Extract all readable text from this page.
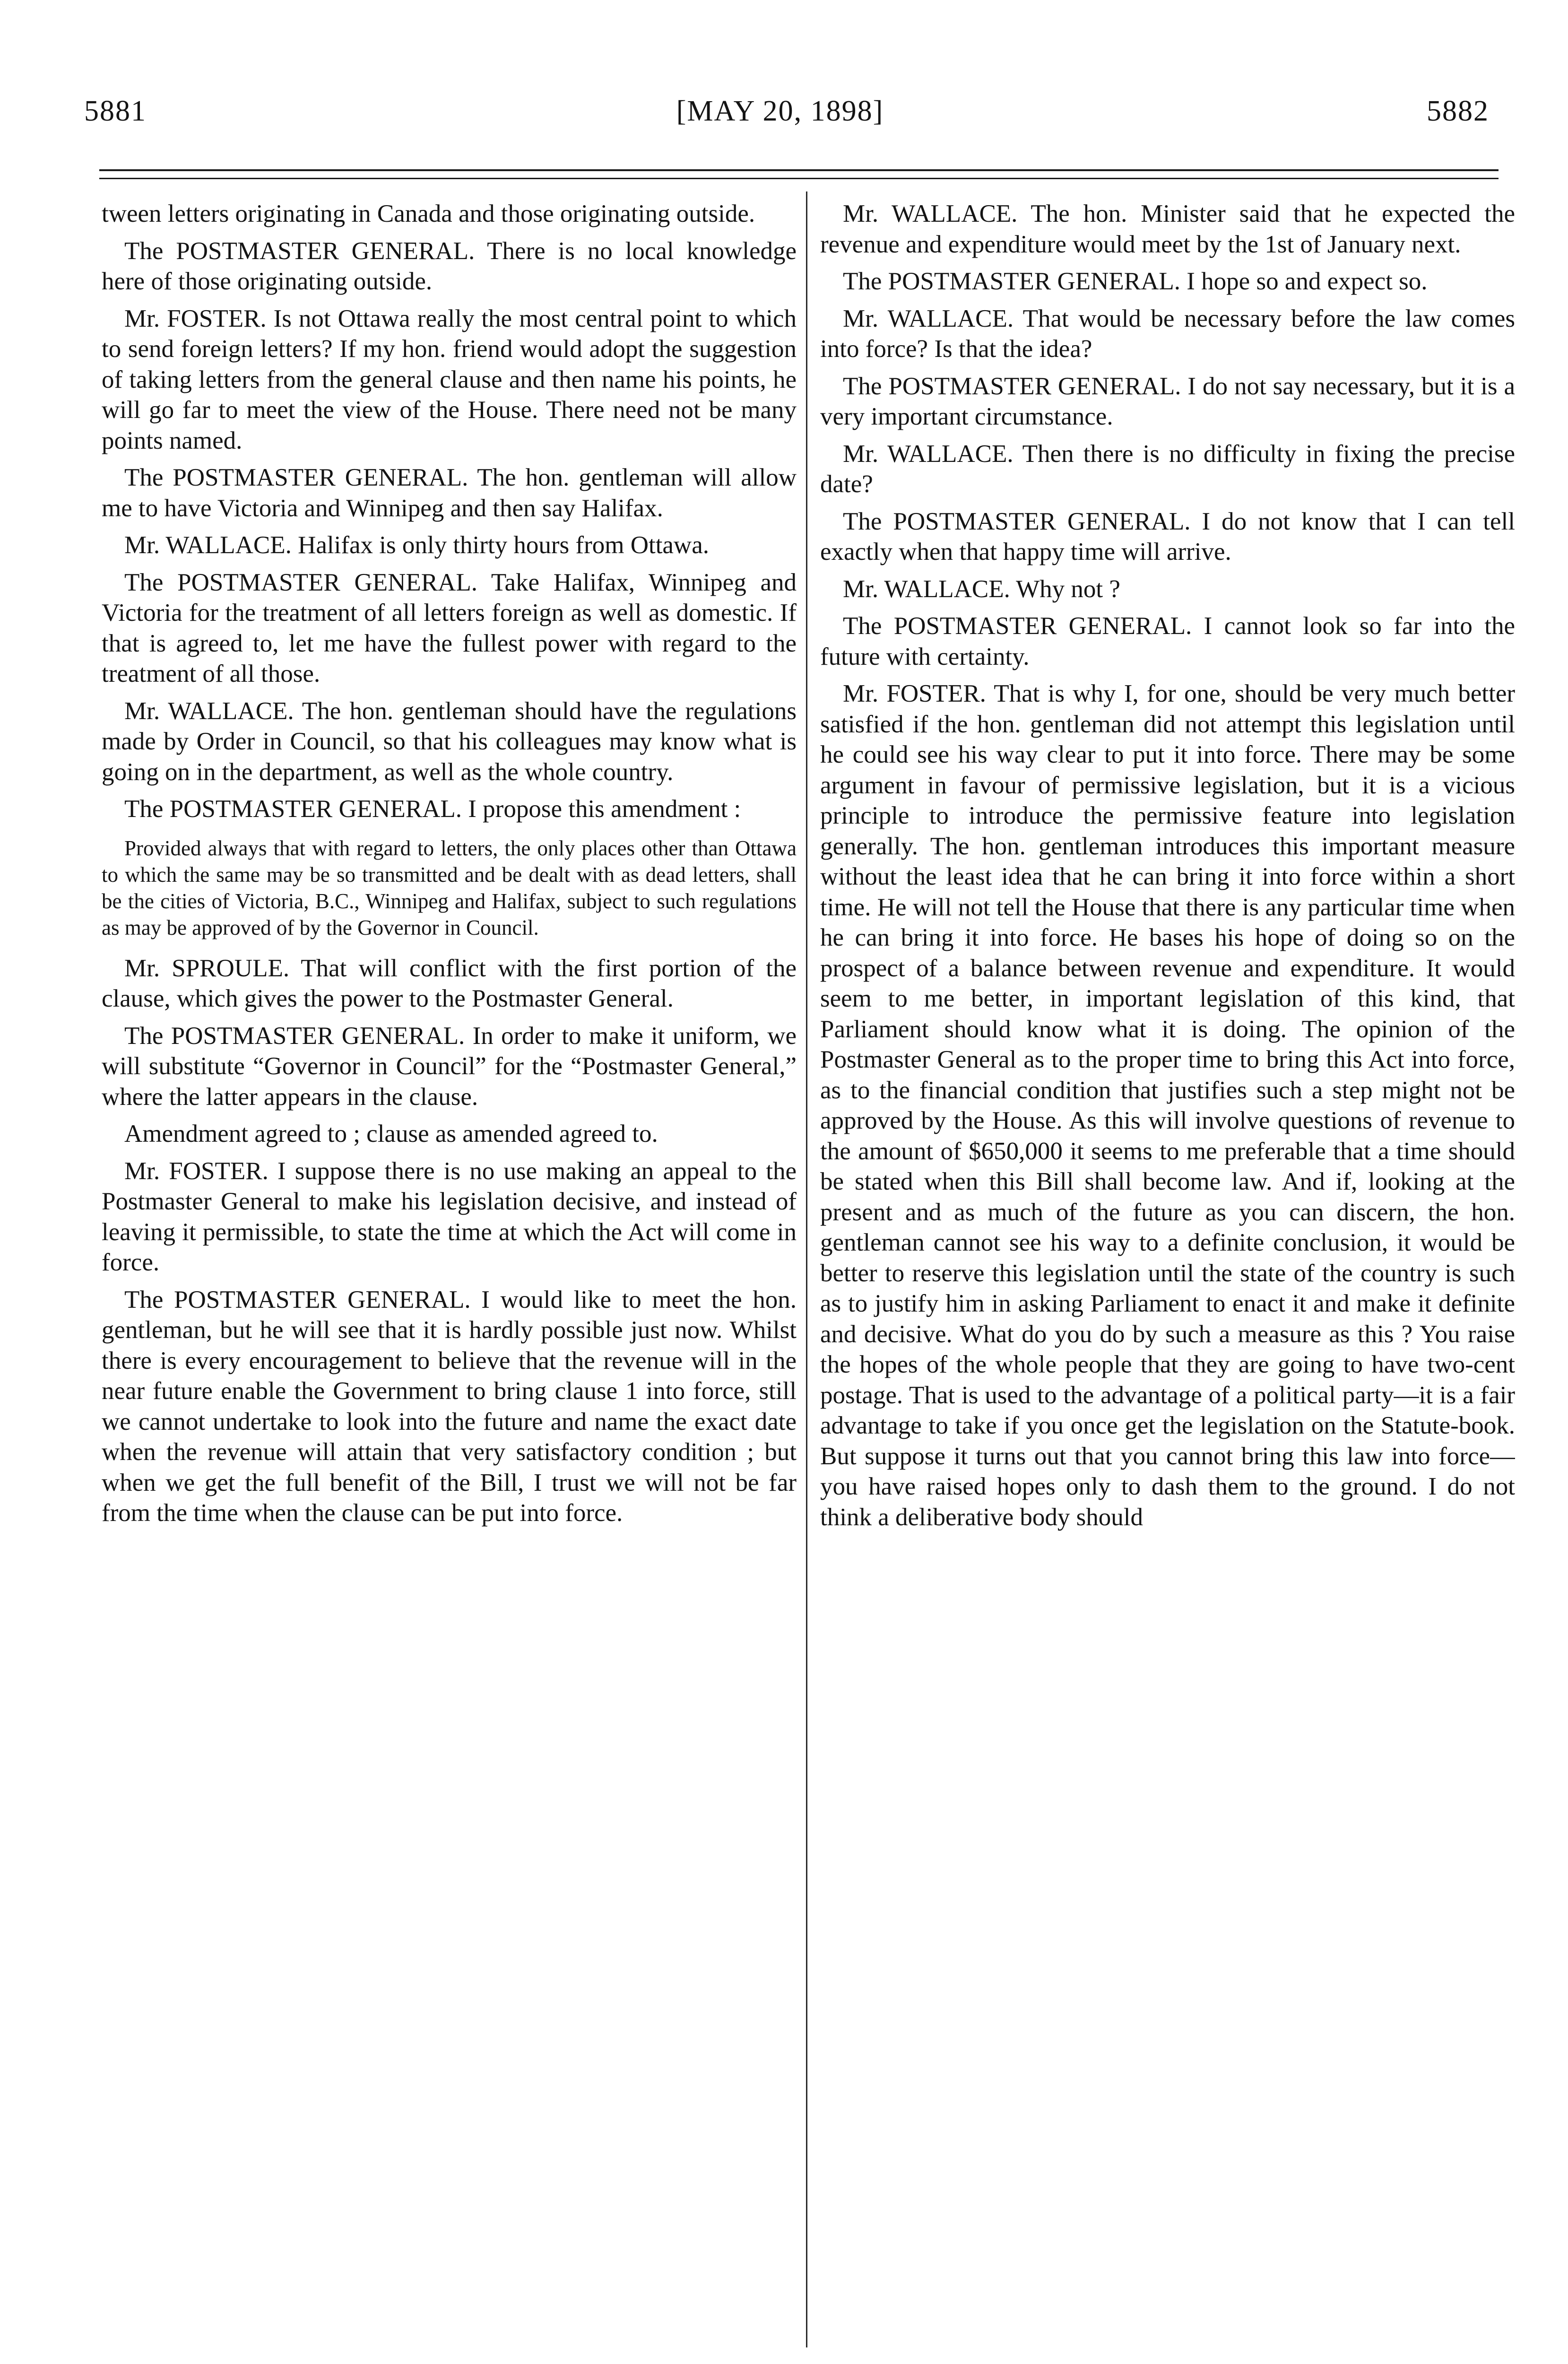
5881	[MAY 20, 1898]	5882

tween letters originating in Canada and those originating outside.

The POSTMASTER GENERAL. There is no local knowledge here of those originating outside.

Mr. FOSTER. Is not Ottawa really the most central point to which to send foreign letters? If my hon. friend would adopt the suggestion of taking letters from the general clause and then name his points, he will go far to meet the view of the House. There need not be many points named.

The POSTMASTER GENERAL. The hon. gentleman will allow me to have Victoria and Winnipeg and then say Halifax.

Mr. WALLACE. Halifax is only thirty hours from Ottawa.

The POSTMASTER GENERAL. Take Halifax, Winnipeg and Victoria for the treatment of all letters foreign as well as domestic. If that is agreed to, let me have the fullest power with regard to the treatment of all those.

Mr. WALLACE. The hon. gentleman should have the regulations made by Order in Council, so that his colleagues may know what is going on in the department, as well as the whole country.

The POSTMASTER GENERAL. I propose this amendment :

Provided always that with regard to letters, the only places other than Ottawa to which the same may be so transmitted and be dealt with as dead letters, shall be the cities of Victoria, B.C., Winnipeg and Halifax, subject to such regulations as may be approved of by the Governor in Council.

Mr. SPROULE. That will conflict with the first portion of the clause, which gives the power to the Postmaster General.

The POSTMASTER GENERAL. In order to make it uniform, we will substitute “Governor in Council” for the “Postmaster General,” where the latter appears in the clause.

Amendment agreed to ; clause as amended agreed to.

Mr. FOSTER. I suppose there is no use making an appeal to the Postmaster General to make his legislation decisive, and instead of leaving it permissible, to state the time at which the Act will come in force.

The POSTMASTER GENERAL. I would like to meet the hon. gentleman, but he will see that it is hardly possible just now. Whilst there is every encouragement to believe that the revenue will in the near future enable the Government to bring clause 1 into force, still we cannot undertake to look into the future and name the exact date when the revenue will attain that very satisfactory condition ; but when we get the full benefit of the Bill, I trust we will not be far from the time when the clause can be put into force.

Mr. WALLACE. The hon. Minister said that he expected the revenue and expenditure would meet by the 1st of January next.

The POSTMASTER GENERAL. I hope so and expect so.

Mr. WALLACE. That would be necessary before the law comes into force? Is that the idea?

The POSTMASTER GENERAL. I do not say necessary, but it is a very important circumstance.

Mr. WALLACE. Then there is no difficulty in fixing the precise date?

The POSTMASTER GENERAL. I do not know that I can tell exactly when that happy time will arrive.

Mr. WALLACE. Why not ?

The POSTMASTER GENERAL. I cannot look so far into the future with certainty.

Mr. FOSTER. That is why I, for one, should be very much better satisfied if the hon. gentleman did not attempt this legislation until he could see his way clear to put it into force. There may be some argument in favour of permissive legislation, but it is a vicious principle to introduce the permissive feature into legislation generally. The hon. gentleman introduces this important measure without the least idea that he can bring it into force within a short time. He will not tell the House that there is any particular time when he can bring it into force. He bases his hope of doing so on the prospect of a balance between revenue and expenditure. It would seem to me better, in important legislation of this kind, that Parliament should know what it is doing. The opinion of the Postmaster General as to the proper time to bring this Act into force, as to the financial condition that justifies such a step might not be approved by the House. As this will involve questions of revenue to the amount of $650,000 it seems to me preferable that a time should be stated when this Bill shall become law. And if, looking at the present and as much of the future as you can discern, the hon. gentleman cannot see his way to a definite conclusion, it would be better to reserve this legislation until the state of the country is such as to justify him in asking Parliament to enact it and make it definite and decisive. What do you do by such a measure as this ? You raise the hopes of the whole people that they are going to have two-cent postage. That is used to the advantage of a political party—it is a fair advantage to take if you once get the legislation on the Statute-book. But suppose it turns out that you cannot bring this law into force—you have raised hopes only to dash them to the ground. I do not think a deliberative body should
